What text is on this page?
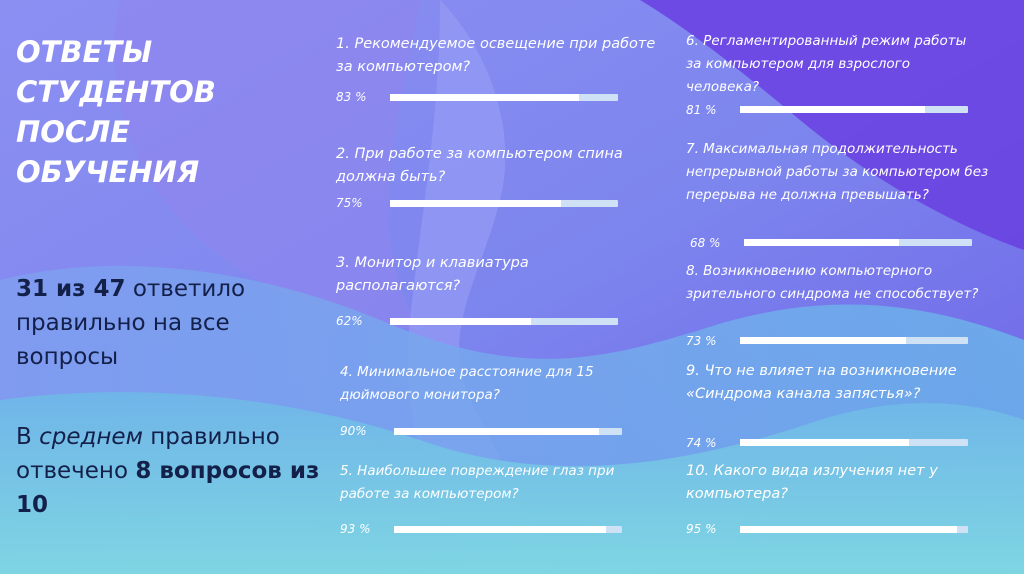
ОТВЕТЫ
СТУДЕНТОВ
ПОСЛЕ
ОБУЧЕНИЯ
31 из 47 ответило правильно на все вопросы
В среднем правильно отвечено 8 вопросов из 10
1. Рекомендуемое освещение при работе за компьютером?
83 %
2. При работе за компьютером спина должна быть?
75%
3. Монитор и клавиатура располагаются?
62%
4. Минимальное расстояние для 15 дюймового монитора?
90%
5. Наибольшее повреждение глаз при работе за компьютером?
93 %
6. Регламентированный режим работы за компьютером для взрослого человека?
81 %
7. Максимальная продолжительность непрерывной работы за компьютером без перерыва не должна превышать?
68 %
8. Возникновению компьютерного зрительного синдрома не способствует?
73 %
9. Что не влияет на возникновение «Синдрома канала запястья»?
74 %
10. Какого вида излучения нет у компьютера?
95 %
